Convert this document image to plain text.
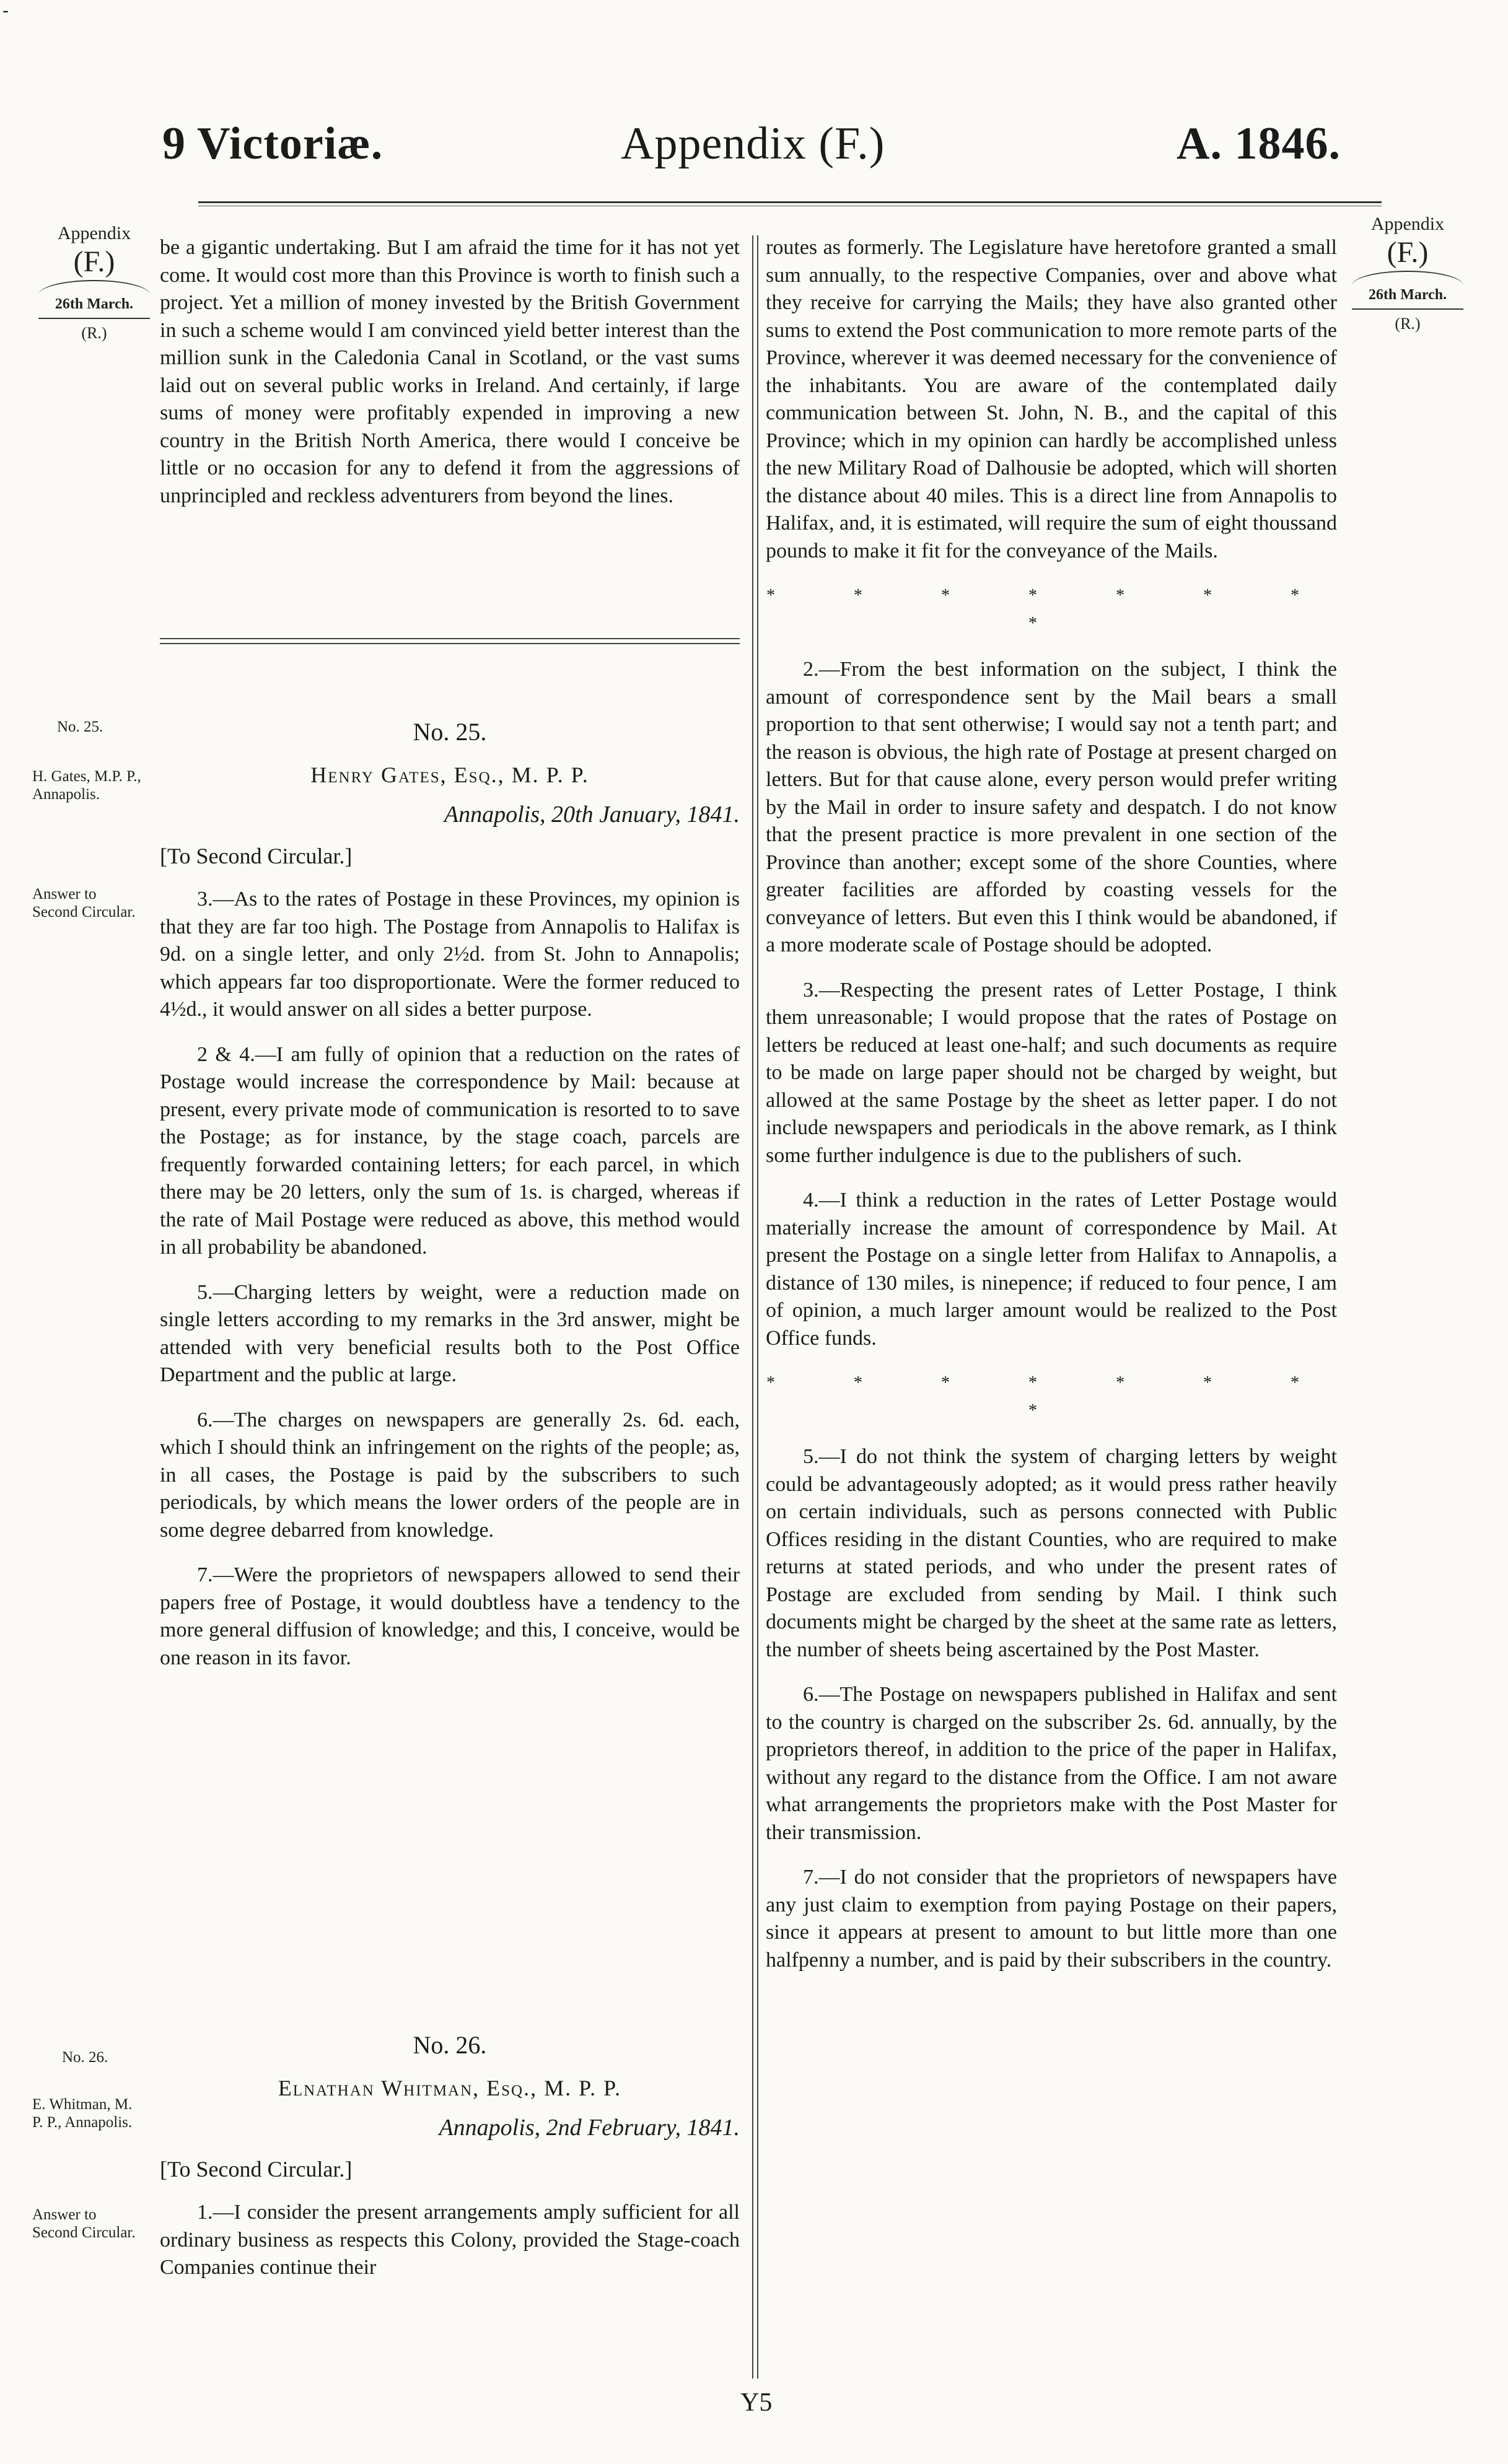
-
9 Victoriæ.	Appendix (F.)	A. 1846.
Appendix
(F.)
26th March.
(R.)
Appendix
(F.)
26th March.
(R.)
No. 25.
H. Gates, M.P. P., Annapolis.
Answer to Second Circular.
No. 26.
E. Whitman, M. P. P., Annapolis.
Answer to Second Circular.

be a gigantic undertaking. But I am afraid the time for it has not yet come. It would cost more than this Province is worth to finish such a project. Yet a million of money invested by the British Government in such a scheme would I am convinced yield better interest than the million sunk in the Caledonia Canal in Scotland, or the vast sums laid out on several public works in Ireland. And certainly, if large sums of money were profitably expended in improving a new country in the British North America, there would I conceive be little or no occasion for any to defend it from the aggressions of unprincipled and reckless adventurers from beyond the lines.

No. 25.
Henry Gates, Esq., M. P. P.
Annapolis, 20th January, 1841.
[To Second Circular.]

3.—As to the rates of Postage in these Provinces, my opinion is that they are far too high. The Postage from Annapolis to Halifax is 9d. on a single letter, and only 2½d. from St. John to Annapolis; which appears far too disproportionate. Were the former reduced to 4½d., it would answer on all sides a better purpose.

2 & 4.—I am fully of opinion that a reduction on the rates of Postage would increase the correspondence by Mail: because at present, every private mode of communication is resorted to to save the Postage; as for instance, by the stage coach, parcels are frequently forwarded containing letters; for each parcel, in which there may be 20 letters, only the sum of 1s. is charged, whereas if the rate of Mail Postage were reduced as above, this method would in all probability be abandoned.

5.—Charging letters by weight, were a reduction made on single letters according to my remarks in the 3rd answer, might be attended with very beneficial results both to the Post Office Department and the public at large.

6.—The charges on newspapers are generally 2s. 6d. each, which I should think an infringement on the rights of the people; as, in all cases, the Postage is paid by the subscribers to such periodicals, by which means the lower orders of the people are in some degree debarred from knowledge.

7.—Were the proprietors of newspapers allowed to send their papers free of Postage, it would doubtless have a tendency to the more general diffusion of knowledge; and this, I conceive, would be one reason in its favor.

No. 26.
Elnathan Whitman, Esq., M. P. P.
Annapolis, 2nd February, 1841.
[To Second Circular.]

1.—I consider the present arrangements amply sufficient for all ordinary business as respects this Colony, provided the Stage-coach Companies continue their

routes as formerly. The Legislature have heretofore granted a small sum annually, to the respective Companies, over and above what they receive for carrying the Mails; they have also granted other sums to extend the Post communication to more remote parts of the Province, wherever it was deemed necessary for the convenience of the inhabitants. You are aware of the contemplated daily communication between St. John, N. B., and the capital of this Province; which in my opinion can hardly be accomplished unless the new Military Road of Dalhousie be adopted, which will shorten the distance about 40 miles. This is a direct line from Annapolis to Halifax, and, it is estimated, will require the sum of eight thoussand pounds to make it fit for the conveyance of the Mails.

* * * * * * * *

2.—From the best information on the subject, I think the amount of correspondence sent by the Mail bears a small proportion to that sent otherwise; I would say not a tenth part; and the reason is obvious, the high rate of Postage at present charged on letters. But for that cause alone, every person would prefer writing by the Mail in order to insure safety and despatch. I do not know that the present practice is more prevalent in one section of the Province than another; except some of the shore Counties, where greater facilities are afforded by coasting vessels for the conveyance of letters. But even this I think would be abandoned, if a more moderate scale of Postage should be adopted.

3.—Respecting the present rates of Letter Postage, I think them unreasonable; I would propose that the rates of Postage on letters be reduced at least one-half; and such documents as require to be made on large paper should not be charged by weight, but allowed at the same Postage by the sheet as letter paper. I do not include newspapers and periodicals in the above remark, as I think some further indulgence is due to the publishers of such.

4.—I think a reduction in the rates of Letter Postage would materially increase the amount of correspondence by Mail. At present the Postage on a single letter from Halifax to Annapolis, a distance of 130 miles, is ninepence; if reduced to four pence, I am of opinion, a much larger amount would be realized to the Post Office funds.

* * * * * * * *

5.—I do not think the system of charging letters by weight could be advantageously adopted; as it would press rather heavily on certain individuals, such as persons connected with Public Offices residing in the distant Counties, who are required to make returns at stated periods, and who under the present rates of Postage are excluded from sending by Mail. I think such documents might be charged by the sheet at the same rate as letters, the number of sheets being ascertained by the Post Master.

6.—The Postage on newspapers published in Halifax and sent to the country is charged on the subscriber 2s. 6d. annually, by the proprietors thereof, in addition to the price of the paper in Halifax, without any regard to the distance from the Office. I am not aware what arrangements the proprietors make with the Post Master for their transmission.

7.—I do not consider that the proprietors of newspapers have any just claim to exemption from paying Postage on their papers, since it appears at present to amount to but little more than one halfpenny a number, and is paid by their subscribers in the country.

Y5
